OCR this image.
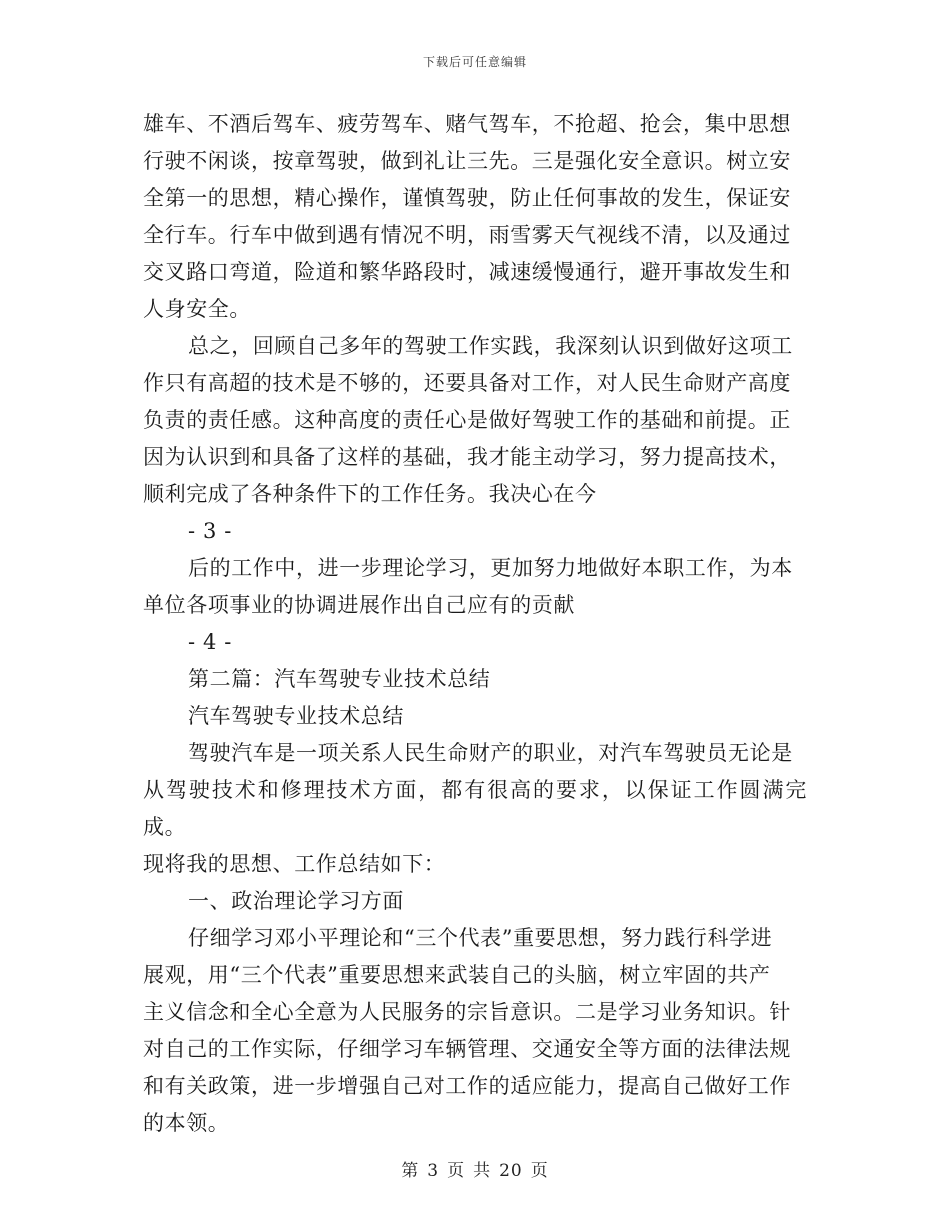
下载后可任意编辑

雄车、不酒后驾车、疲劳驾车、赌气驾车，不抢超、抢会，集中思想
行驶不闲谈，按章驾驶，做到礼让三先。三是强化安全意识。树立安
全第一的思想，精心操作，谨慎驾驶，防止任何事故的发生，保证安
全行车。行车中做到遇有情况不明，雨雪雾天气视线不清，以及通过
交叉路口弯道，险道和繁华路段时，减速缓慢通行，避开事故发生和
人身安全。

总之，回顾自己多年的驾驶工作实践，我深刻认识到做好这项工
作只有高超的技术是不够的，还要具备对工作，对人民生命财产高度
负责的责任感。这种高度的责任心是做好驾驶工作的基础和前提。正
因为认识到和具备了这样的基础，我才能主动学习，努力提高技术，
顺利完成了各种条件下的工作任务。我决心在今

- 3 -

后的工作中，进一步理论学习，更加努力地做好本职工作，为本
单位各项事业的协调进展作出自己应有的贡献

- 4 -

第二篇：汽车驾驶专业技术总结

汽车驾驶专业技术总结

驾驶汽车是一项关系人民生命财产的职业，对汽车驾驶员无论是
从驾驶技术和修理技术方面，都有很高的要求，以保证工作圆满完成。
现将我的思想、工作总结如下：

一、政治理论学习方面

仔细学习邓小平理论和“三个代表”重要思想，努力践行科学进
展观，用“三个代表”重要思想来武装自己的头脑，树立牢固的共产
主义信念和全心全意为人民服务的宗旨意识。二是学习业务知识。针
对自己的工作实际，仔细学习车辆管理、交通安全等方面的法律法规
和有关政策，进一步增强自己对工作的适应能力，提高自己做好工作
的本领。

第 3 页 共 20 页
